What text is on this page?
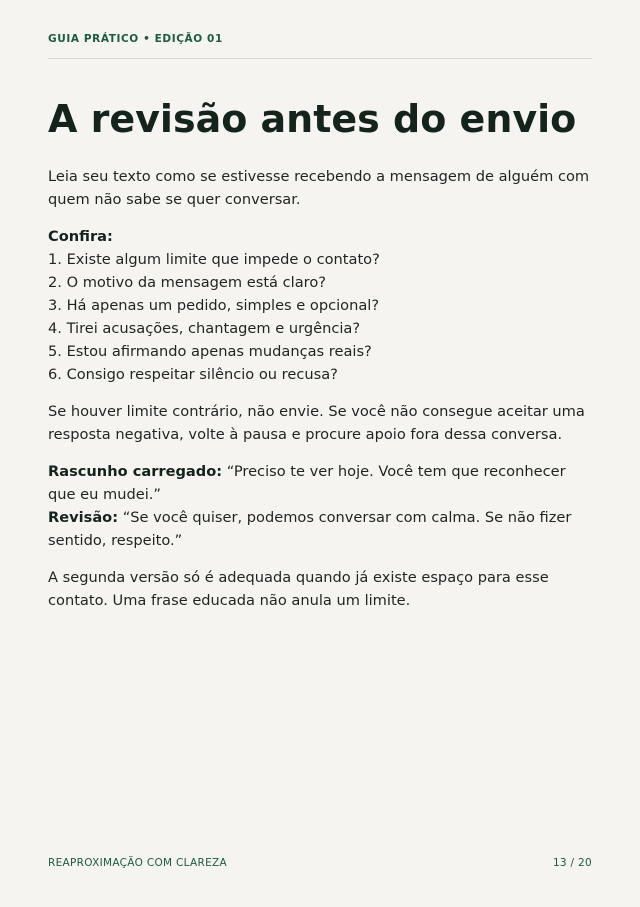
GUIA PRÁTICO • EDIÇÃO 01
A revisão antes do envio

Leia seu texto como se estivesse recebendo a mensagem de alguém com quem não sabe se quer conversar.

Confira:
1. Existe algum limite que impede o contato?
2. O motivo da mensagem está claro?
3. Há apenas um pedido, simples e opcional?
4. Tirei acusações, chantagem e urgência?
5. Estou afirmando apenas mudanças reais?
6. Consigo respeitar silêncio ou recusa?

Se houver limite contrário, não envie. Se você não consegue aceitar uma resposta negativa, volte à pausa e procure apoio fora dessa conversa.

Rascunho carregado: “Preciso te ver hoje. Você tem que reconhecer que eu mudei.”
Revisão: “Se você quiser, podemos conversar com calma. Se não fizer sentido, respeito.”

A segunda versão só é adequada quando já existe espaço para esse contato. Uma frase educada não anula um limite.

REAPROXIMAÇÃO COM CLAREZA	13 / 20
